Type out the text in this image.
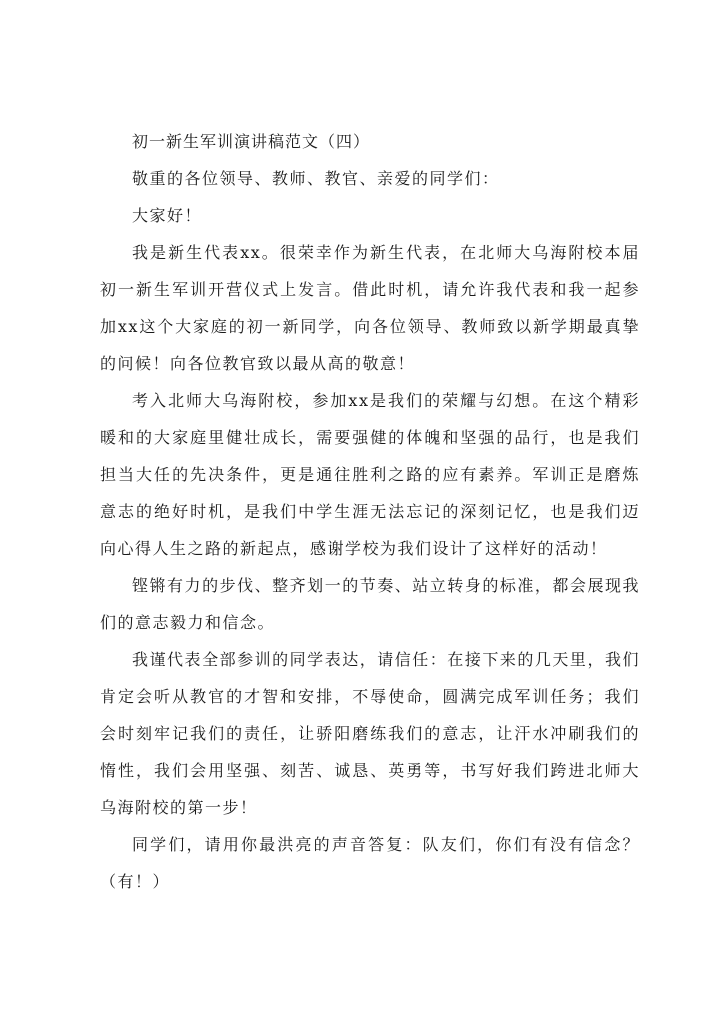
初一新生军训演讲稿范文（四）

敬重的各位领导、教师、教官、亲爱的同学们：

大家好！

我是新生代表xx。很荣幸作为新生代表，在北师大乌海附校本届初一新生军训开营仪式上发言。借此时机，请允许我代表和我一起参加xx这个大家庭的初一新同学，向各位领导、教师致以新学期最真挚的问候！向各位教官致以最从高的敬意！

考入北师大乌海附校，参加xx是我们的荣耀与幻想。在这个精彩暖和的大家庭里健壮成长，需要强健的体魄和坚强的品行，也是我们担当大任的先决条件，更是通往胜利之路的应有素养。军训正是磨炼意志的绝好时机，是我们中学生涯无法忘记的深刻记忆，也是我们迈向心得人生之路的新起点，感谢学校为我们设计了这样好的活动！

铿锵有力的步伐、整齐划一的节奏、站立转身的标准，都会展现我们的意志毅力和信念。

我谨代表全部参训的同学表达，请信任：在接下来的几天里，我们肯定会听从教官的才智和安排，不辱使命，圆满完成军训任务；我们会时刻牢记我们的责任，让骄阳磨练我们的意志，让汗水冲刷我们的惰性，我们会用坚强、刻苦、诚恳、英勇等，书写好我们跨进北师大乌海附校的第一步！

同学们，请用你最洪亮的声音答复：队友们，你们有没有信念？（有！）
